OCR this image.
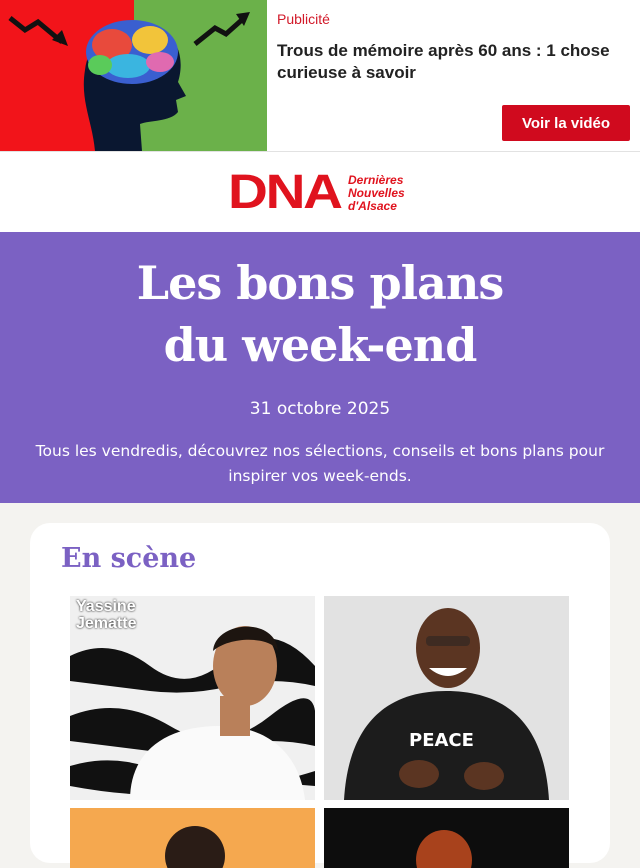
Publicité
Trous de mémoire après 60 ans : 1 chose curieuse à savoir
Voir la vidéo
DNA Dernières
Nouvelles
d'Alsace
Les bons plans
du week-end
31 octobre 2025
Tous les vendredis, découvrez nos sélections, conseils et bons plans pour inspirer vos week-ends.
En scène
Yassine Jematte
PEACE
